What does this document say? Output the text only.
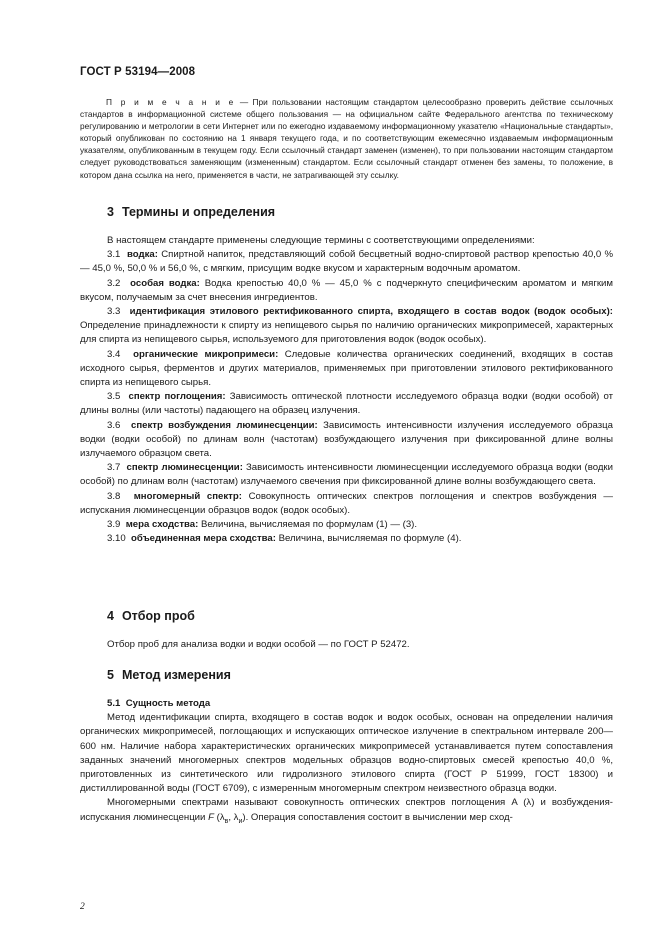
ГОСТ Р 53194—2008
П р и м е ч а н и е — При пользовании настоящим стандартом целесообразно проверить действие ссылочных стандартов в информационной системе общего пользования — на официальном сайте Федерального агентства по техническому регулированию и метрологии в сети Интернет или по ежегодно издаваемому информационному указателю «Национальные стандарты», который опубликован по состоянию на 1 января текущего года, и по соответствующим ежемесячно издаваемым информационным указателям, опубликованным в текущем году. Если ссылочный стандарт заменен (изменен), то при пользовании настоящим стандартом следует руководствоваться заменяющим (измененным) стандартом. Если ссылочный стандарт отменен без замены, то положение, в котором дана ссылка на него, применяется в части, не затрагивающей эту ссылку.
3 Термины и определения
В настоящем стандарте применены следующие термины с соответствующими определениями:
3.1 водка: Спиртной напиток, представляющий собой бесцветный водно-спиртовой раствор крепостью 40,0 % — 45,0 %, 50,0 % и 56,0 %, с мягким, присущим водке вкусом и характерным водочным ароматом.
3.2 особая водка: Водка крепостью 40,0 % — 45,0 % с подчеркнуто специфическим ароматом и мягким вкусом, получаемым за счет внесения ингредиентов.
3.3 идентификация этилового ректификованного спирта, входящего в состав водок (водок особых): Определение принадлежности к спирту из непищевого сырья по наличию органических микропримесей, характерных для спирта из непищевого сырья, используемого для приготовления водок (водок особых).
3.4 органические микропримеси: Следовые количества органических соединений, входящих в состав исходного сырья, ферментов и других материалов, применяемых при приготовлении этилового ректификованного спирта из непищевого сырья.
3.5 спектр поглощения: Зависимость оптической плотности исследуемого образца водки (водки особой) от длины волны (или частоты) падающего на образец излучения.
3.6 спектр возбуждения люминесценции: Зависимость интенсивности излучения исследуемого образца водки (водки особой) по длинам волн (частотам) возбуждающего излучения при фиксированной длине волны излучаемого образцом света.
3.7 спектр люминесценции: Зависимость интенсивности люминесценции исследуемого образца водки (водки особой) по длинам волн (частотам) излучаемого свечения при фиксированной длине волны возбуждающего света.
3.8 многомерный спектр: Совокупность оптических спектров поглощения и спектров возбуждения — испускания люминесценции образцов водок (водок особых).
3.9 мера сходства: Величина, вычисляемая по формулам (1) — (3).
3.10 объединенная мера сходства: Величина, вычисляемая по формуле (4).
4 Отбор проб
Отбор проб для анализа водки и водки особой — по ГОСТ Р 52472.
5 Метод измерения
5.1 Сущность метода
Метод идентификации спирта, входящего в состав водок и водок особых, основан на определении наличия органических микропримесей, поглощающих и испускающих оптическое излучение в спектральном интервале 200—600 нм. Наличие набора характеристических органических микропримесей устанавливается путем сопоставления заданных значений многомерных спектров модельных образцов водно-спиртовых смесей крепостью 40,0 %, приготовленных из синтетического или гидролизного этилового спирта (ГОСТ Р 51999, ГОСТ 18300) и дистиллированной воды (ГОСТ 6709), с измеренным многомерным спектром неизвестного образца водки.
Многомерными спектрами называют совокупность оптических спектров поглощения A (λ) и возбуждения-испускания люминесценции F ($\lambda_в$, $\lambda_и$). Операция сопоставления состоит в вычислении мер сход-
2
